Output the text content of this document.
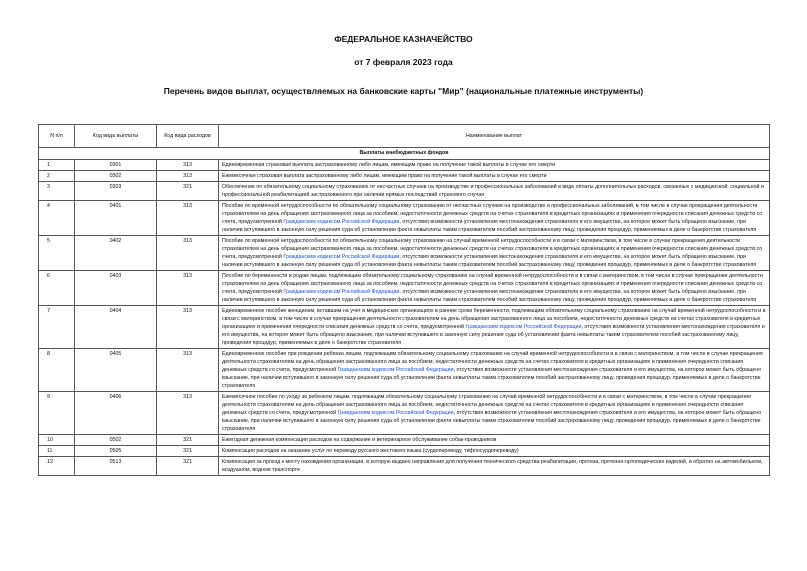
ФЕДЕРАЛЬНОЕ КАЗНАЧЕЙСТВО
от 7 февраля 2023 года
Перечень видов выплат, осуществляемых на банковские карты "Мир" (национальные платежные инструменты)
N п/п	Код вида выплаты	Код вида расходов	Наименование выплат
Выплаты внебюджетных фондов			
1	0301	313	Единовременная страховая выплата застрахованному либо лицам, имеющим право на получение такой выплаты в случае его смерти
2	0302	313	Ежемесячная страховая выплата застрахованному либо лицам, имеющим право на получение такой выплаты в случае его смерти
3	0303	321	Обеспечение по обязательному социальному страхованию от несчастных случаев на производстве и профессиональных заболеваний в виде оплаты дополнительных расходов, связанных с медицинской, социальной и профессиональной реабилитацией застрахованного при наличии прямых последствий страхового случая
4	0401	313	Пособие по временной нетрудоспособности по обязательному социальному страхованию от несчастных случаев на производстве и профессиональных заболеваний, в том числе в случае прекращения деятельности страхователем на день обращения застрахованного лица за пособием, недостаточности денежных средств на счетах страхователя в кредитных организациях и применения очередности списания денежных средств со счета, предусмотренной Гражданским кодексом Российской Федерации, отсутствия возможности установления местонахождения страхователя и его имущества, на которое может быть обращено взыскание, при наличии вступившего в законную силу решения суда об установлении факта невыплаты таким страхователем пособий застрахованному лицу, проведения процедур, применяемых в деле о банкротстве страхователя
5	0402	313	Пособие по временной нетрудоспособности по обязательному социальному страхованию на случай временной нетрудоспособности и в связи с материнством, в том числе в случае прекращения деятельности страхователем на день обращения застрахованного лица за пособием, недостаточности денежных средств на счетах страхователя в кредитных организациях и применения очередности списания денежных средств со счета, предусмотренной Гражданским кодексом Российской Федерации, отсутствия возможности установления местонахождения страхователя и его имущества, на которое может быть обращено взыскание, при наличии вступившего в законную силу решения суда об установлении факта невыплаты таким страхователем пособий застрахованному лицу, проведения процедур, применяемых в деле о банкротстве страхователя
6	0403	313	Пособие по беременности и родам лицам, подлежащим обязательному социальному страхованию на случай временной нетрудоспособности и в связи с материнством, в том числе в случае прекращения деятельности страхователем на день обращения застрахованного лица за пособием, недостаточности денежных средств на счетах страхователя в кредитных организациях и применения очередности списания денежных средств со счета, предусмотренной Гражданским кодексом Российской Федерации, отсутствия возможности установления местонахождения страхователя и его имущества, на которое может быть обращено взыскание, при наличии вступившего в законную силу решения суда об установлении факта невыплаты таким страхователем пособий застрахованному лицу, проведения процедур, применяемых в деле о банкротстве страхователя
7	0404	313	Единовременное пособие женщинам, вставшим на учет в медицинских организациях в ранние сроки беременности, подлежащим обязательному социальному страхованию на случай временной нетрудоспособности и в связи с материнством, в том числе в случае прекращения деятельности страхователем на день обращения застрахованного лица за пособием, недостаточности денежных средств на счетах страхователя в кредитных организациях и применения очередности списания денежных средств со счета, предусмотренной Гражданским кодексом Российской Федерации, отсутствия возможности установления местонахождения страхователя и его имущества, на которое может быть обращено взыскание, при наличии вступившего в законную силу решения суда об установлении факта невыплаты таким страхователем пособий застрахованному лицу, проведения процедур, применяемых в деле о банкротстве страхователя
8	0405	313	Единовременное пособие при рождении ребенка лицам, подлежащим обязательному социальному страхованию на случай временной нетрудоспособности и в связи с материнством, в том числе в случае прекращения деятельности страхователем на день обращения застрахованного лица за пособием, недостаточности денежных средств на счетах страхователя в кредитных организациях и применения очередности списания денежных средств со счета, предусмотренной Гражданским кодексом Российской Федерации, отсутствия возможности установления местонахождения страхователя и его имущества, на которое может быть обращено взыскание, при наличии вступившего в законную силу решения суда об установлении факта невыплаты таким страхователем пособий застрахованному лицу, проведения процедур, применяемых в деле о банкротстве страхователя
9	0406	313	Ежемесячное пособие по уходу за ребенком лицам, подлежащим обязательному социальному страхованию на случай временной нетрудоспособности и в связи с материнством, в том числе в случае прекращения деятельности страхователем на день обращения застрахованного лица за пособием, недостаточности денежных средств на счетах страхователя в кредитных организациях и применения очередности списания денежных средств со счета, предусмотренной Гражданским кодексом Российской Федерации, отсутствия возможности установления местонахождения страхователя и его имущества, на которое может быть обращено взыскание, при наличии вступившего в законную силу решения суда об установлении факта невыплаты таким страхователем пособий застрахованному лицу, проведения процедур, применяемых в деле о банкротстве страхователя
10	0502	321	Ежегодная денежная компенсация расходов на содержание и ветеринарное обслуживание собак-проводников
11	0505	321	Компенсация расходов на оказание услуг по переводу русского жестового языка (сурдопереводу, тифлосурдопереводу)
12	0513	321	Компенсация за проезд к месту нахождения организации, в которую выдано направление для получения технического средства реабилитации, протеза, протезно-ортопедических изделий, и обратно на автомобильном, воздушном, водном транспорте
